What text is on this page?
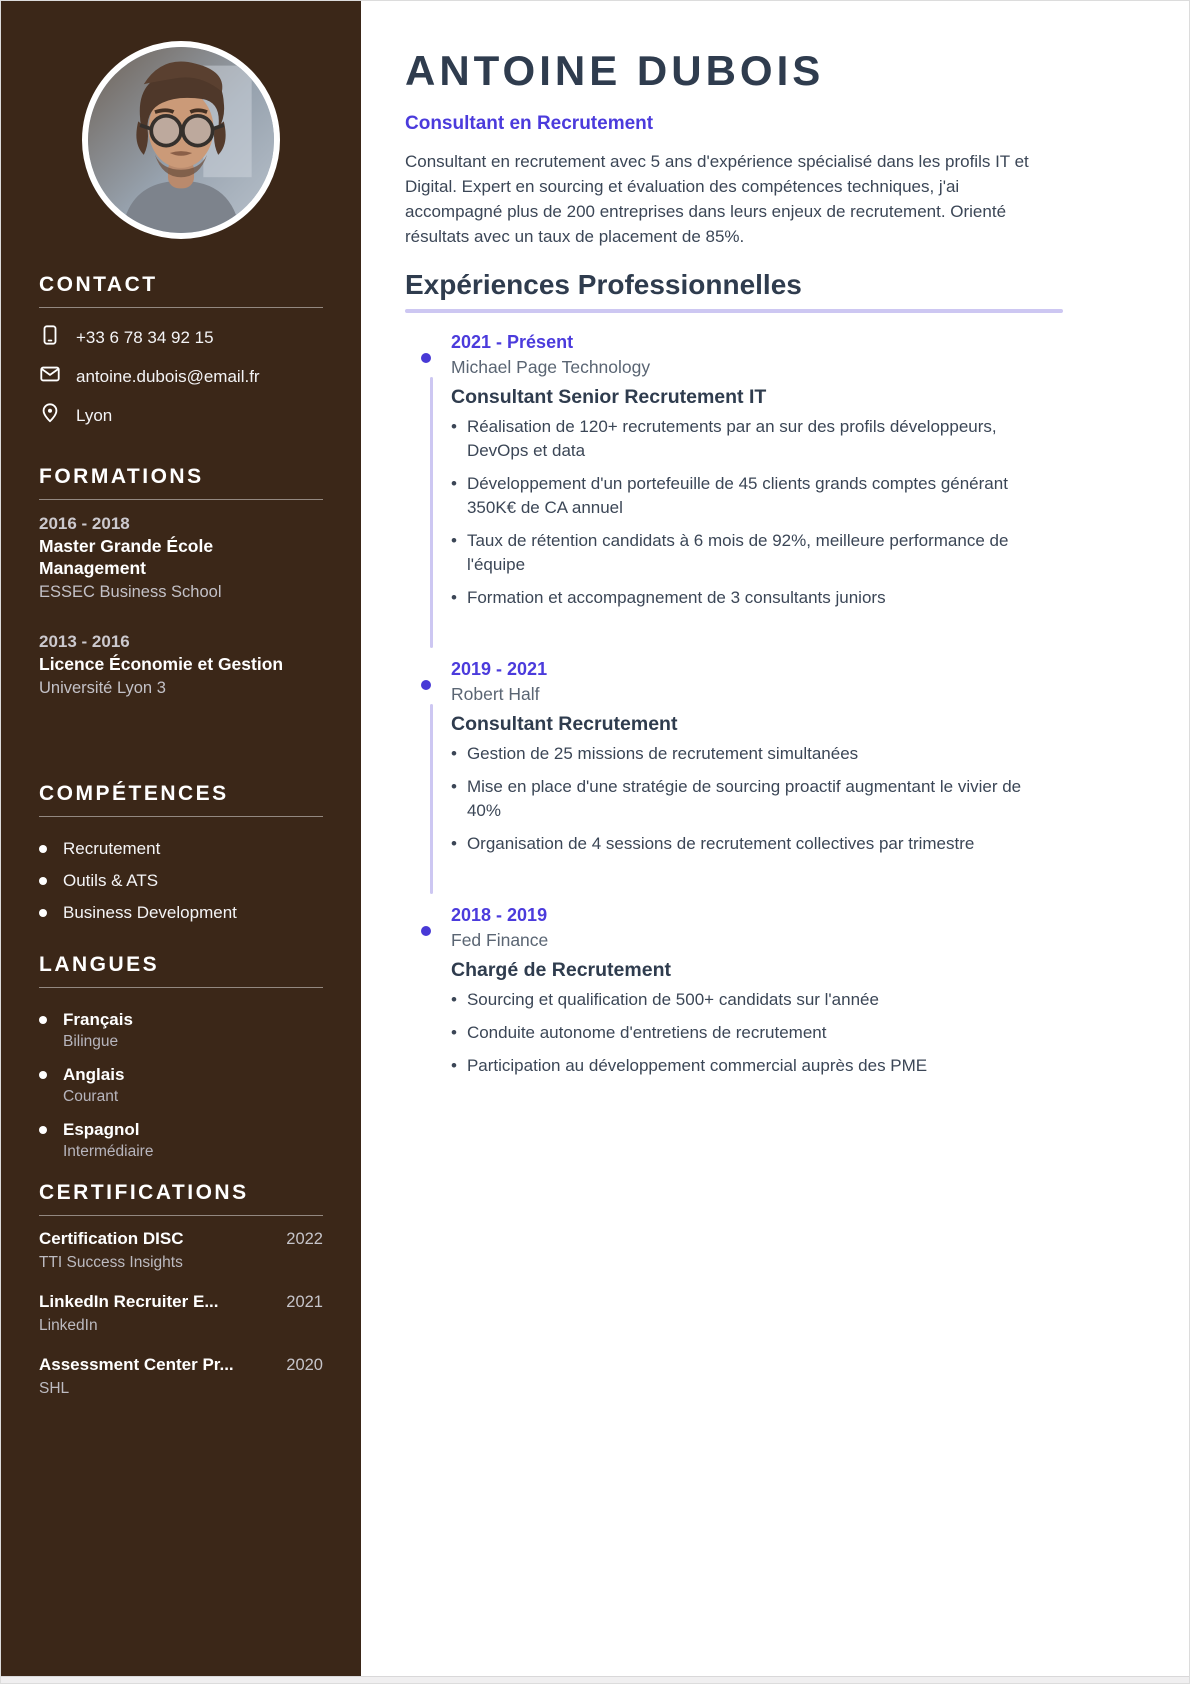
CONTACT
+33 6 78 34 92 15
antoine.dubois@email.fr
Lyon
FORMATIONS
2016 - 2018
Master Grande École Management
ESSEC Business School
2013 - 2016
Licence Économie et Gestion
Université Lyon 3
COMPÉTENCES
Recrutement
Outils & ATS
Business Development
LANGUES
Français
Bilingue
Anglais
Courant
Espagnol
Intermédiaire
CERTIFICATIONS
Certification DISC	2022
TTI Success Insights
LinkedIn Recruiter E...	2021
LinkedIn
Assessment Center Pr...	2020
SHL
ANTOINE DUBOIS
Consultant en Recrutement

Consultant en recrutement avec 5 ans d'expérience spécialisé dans les profils IT et Digital. Expert en sourcing et évaluation des compétences techniques, j'ai accompagné plus de 200 entreprises dans leurs enjeux de recrutement. Orienté résultats avec un taux de placement de 85%.

Expériences Professionnelles
2021 - Présent
Michael Page Technology
Consultant Senior Recrutement IT
• Réalisation de 120+ recrutements par an sur des profils développeurs, DevOps et data
• Développement d'un portefeuille de 45 clients grands comptes générant 350K€ de CA annuel
• Taux de rétention candidats à 6 mois de 92%, meilleure performance de l'équipe
• Formation et accompagnement de 3 consultants juniors
2019 - 2021
Robert Half
Consultant Recrutement
• Gestion de 25 missions de recrutement simultanées
• Mise en place d'une stratégie de sourcing proactif augmentant le vivier de 40%
• Organisation de 4 sessions de recrutement collectives par trimestre
2018 - 2019
Fed Finance
Chargé de Recrutement
• Sourcing et qualification de 500+ candidats sur l'année
• Conduite autonome d'entretiens de recrutement
• Participation au développement commercial auprès des PME
